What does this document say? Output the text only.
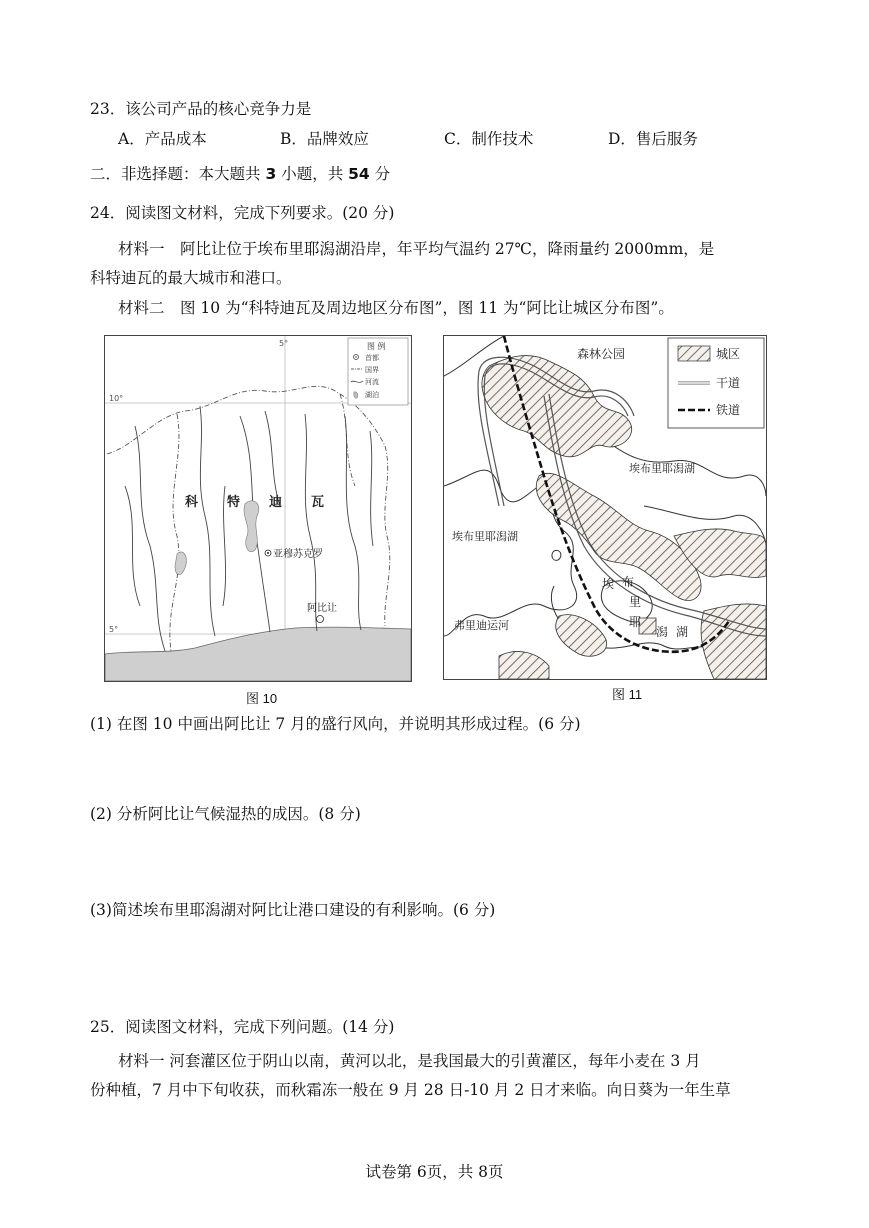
23．该公司产品的核心竞争力是
A．产品成本	B．品牌效应	C．制作技术	D．售后服务
二．非选择题：本大题共 3 小题，共 54 分
24．阅读图文材料，完成下列要求。(20 分)
材料一　阿比让位于埃布里耶潟湖沿岸，年平均气温约 27℃，降雨量约 2000mm，是
科特迪瓦的最大城市和港口。
材料二　图 10 为“科特迪瓦及周边地区分布图”，图 11 为“阿比让城区分布图”。
5°
10°
5°
图 例
首都
国界
河流
湖泊
科 特 迪 瓦
亚穆苏克罗
阿比让
图 10
城区
干道
铁道
森林公园
埃布里耶潟湖
埃布里耶潟湖
弗里迪运河
埃 布
里
耶
潟 湖
图 11
(1) 在图 10 中画出阿比让 7 月的盛行风向，并说明其形成过程。(6 分)
(2) 分析阿比让气候湿热的成因。(8 分)
(3)简述埃布里耶潟湖对阿比让港口建设的有利影响。(6 分)
25．阅读图文材料，完成下列问题。(14 分)
材料一 河套灌区位于阴山以南，黄河以北，是我国最大的引黄灌区，每年小麦在 3 月
份种植，7 月中下旬收获，而秋霜冻一般在 9 月 28 日-10 月 2 日才来临。向日葵为一年生草
试卷第 6页，共 8页
